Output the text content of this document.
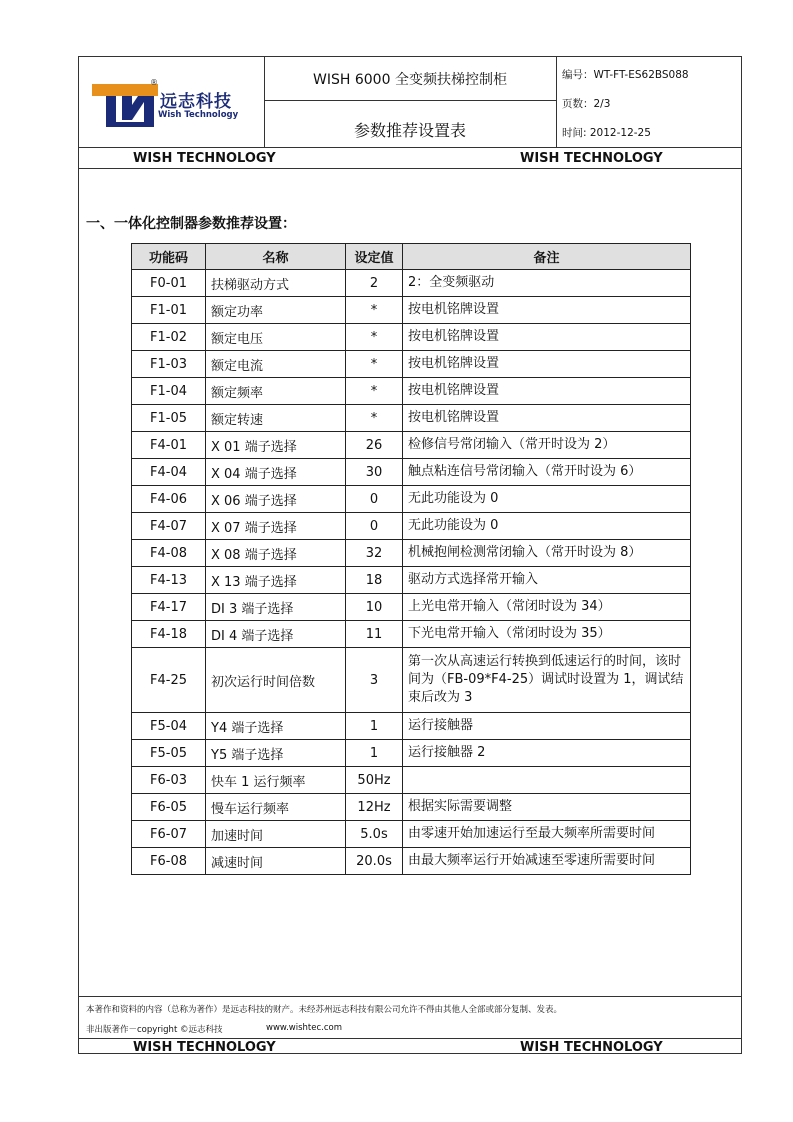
®
远志科技
Wish Technology
WISH 6000 全变频扶梯控制柜
参数推荐设置表
编号：WT-FT-ES62BS088
页数：2/3
时间: 2012-12-25
WISH TECHNOLOGY	WISH TECHNOLOGY
一、一体化控制器参数推荐设置：
功能码	名称	设定值	备注
F0-01	扶梯驱动方式	2	2：全变频驱动
F1-01	额定功率	*	按电机铭牌设置
F1-02	额定电压	*	按电机铭牌设置
F1-03	额定电流	*	按电机铭牌设置
F1-04	额定频率	*	按电机铭牌设置
F1-05	额定转速	*	按电机铭牌设置
F4-01	X 01 端子选择	26	检修信号常闭输入（常开时设为 2）
F4-04	X 04 端子选择	30	触点粘连信号常闭输入（常开时设为 6）
F4-06	X 06 端子选择	0	无此功能设为 0
F4-07	X 07 端子选择	0	无此功能设为 0
F4-08	X 08 端子选择	32	机械抱闸检测常闭输入（常开时设为 8）
F4-13	X 13 端子选择	18	驱动方式选择常开输入
F4-17	DI 3 端子选择	10	上光电常开输入（常闭时设为 34）
F4-18	DI 4 端子选择	11	下光电常开输入（常闭时设为 35）
F4-25	初次运行时间倍数	3	第一次从高速运行转换到低速运行的时间，该时间为（FB-09*F4-25）调试时设置为 1，调试结束后改为 3
F5-04	Y4 端子选择	1	运行接触器
F5-05	Y5 端子选择	1	运行接触器 2
F6-03	快车 1 运行频率	50Hz	
F6-05	慢车运行频率	12Hz	根据实际需要调整
F6-07	加速时间	5.0s	由零速开始加速运行至最大频率所需要时间
F6-08	减速时间	20.0s	由最大频率运行开始减速至零速所需要时间
本著作和资料的内容（总称为著作）是远志科技的财产。未经苏州远志科技有限公司允许不得由其他人全部或部分复制、发表。
非出版著作－copyright ©远志科技	www.wishtec.com
WISH TECHNOLOGY	WISH TECHNOLOGY
